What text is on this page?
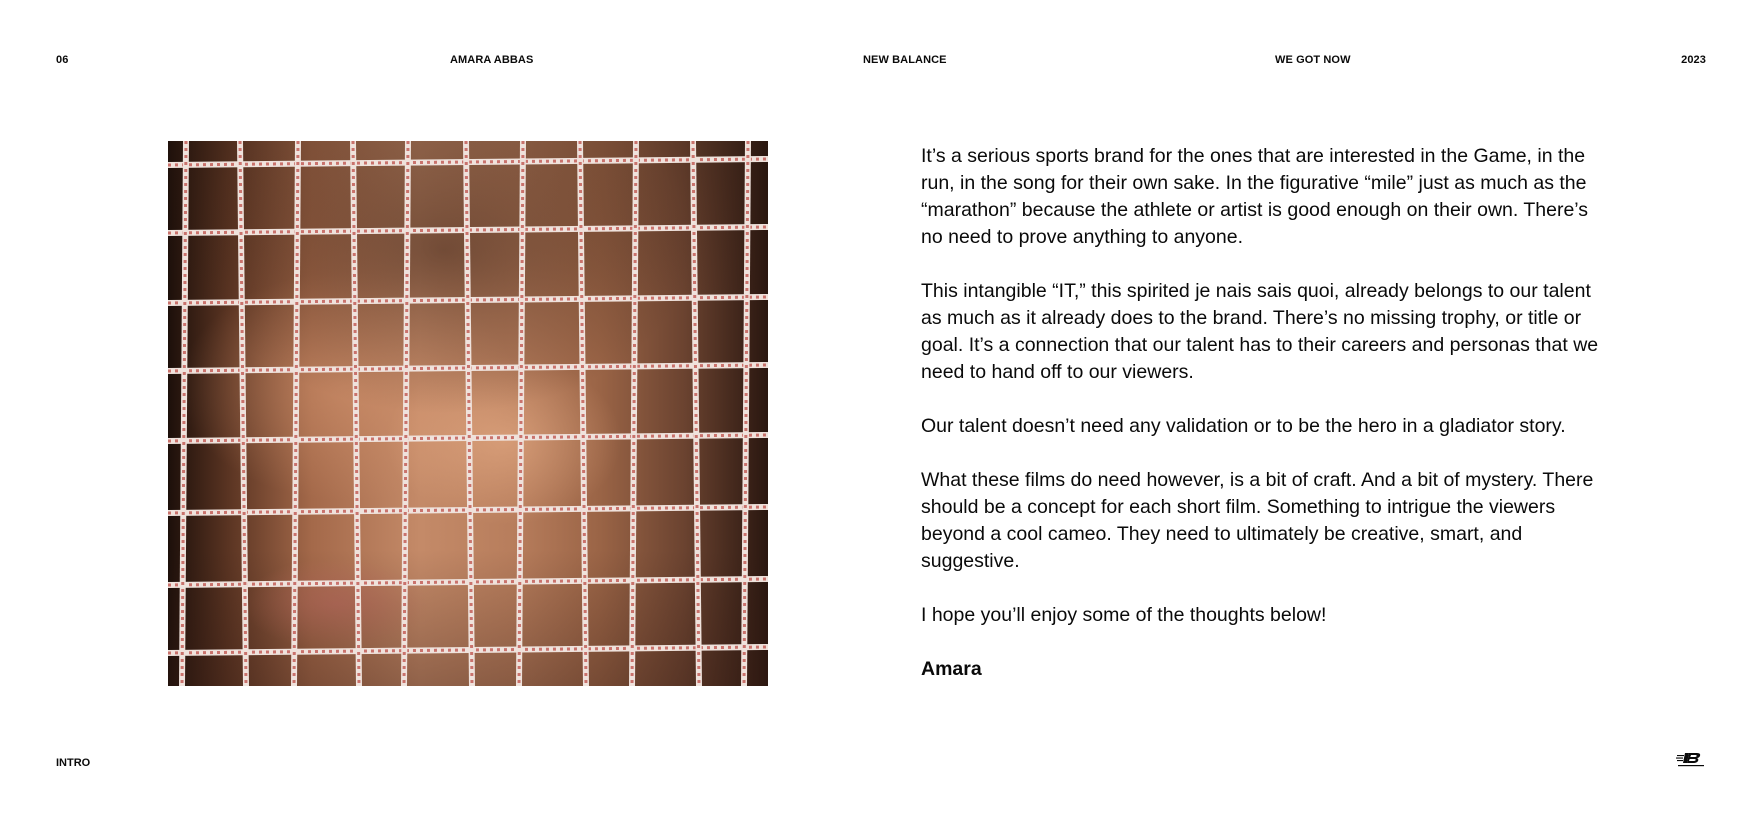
06	AMARA ABBAS	NEW BALANCE	WE GOT NOW	2023

It’s a serious sports brand for the ones that are interested in the Game, in the run, in the song for their own sake. In the figurative “mile” just as much as the “marathon” because the athlete or artist is good enough on their own. There’s no need to prove anything to anyone.

This intangible “IT,” this spirited je nais sais quoi, already belongs to our talent as much as it already does to the brand. There’s no missing trophy, or title or goal. It’s a connection that our talent has to their careers and personas that we need to hand off to our viewers.

Our talent doesn’t need any validation or to be the hero in a gladiator story.

What these films do need however, is a bit of craft. And a bit of mystery. There should be a concept for each short film. Something to intrigue the viewers beyond a cool cameo. They need to ultimately be creative, smart, and suggestive.

I hope you’ll enjoy some of the thoughts below!

Amara

INTRO
